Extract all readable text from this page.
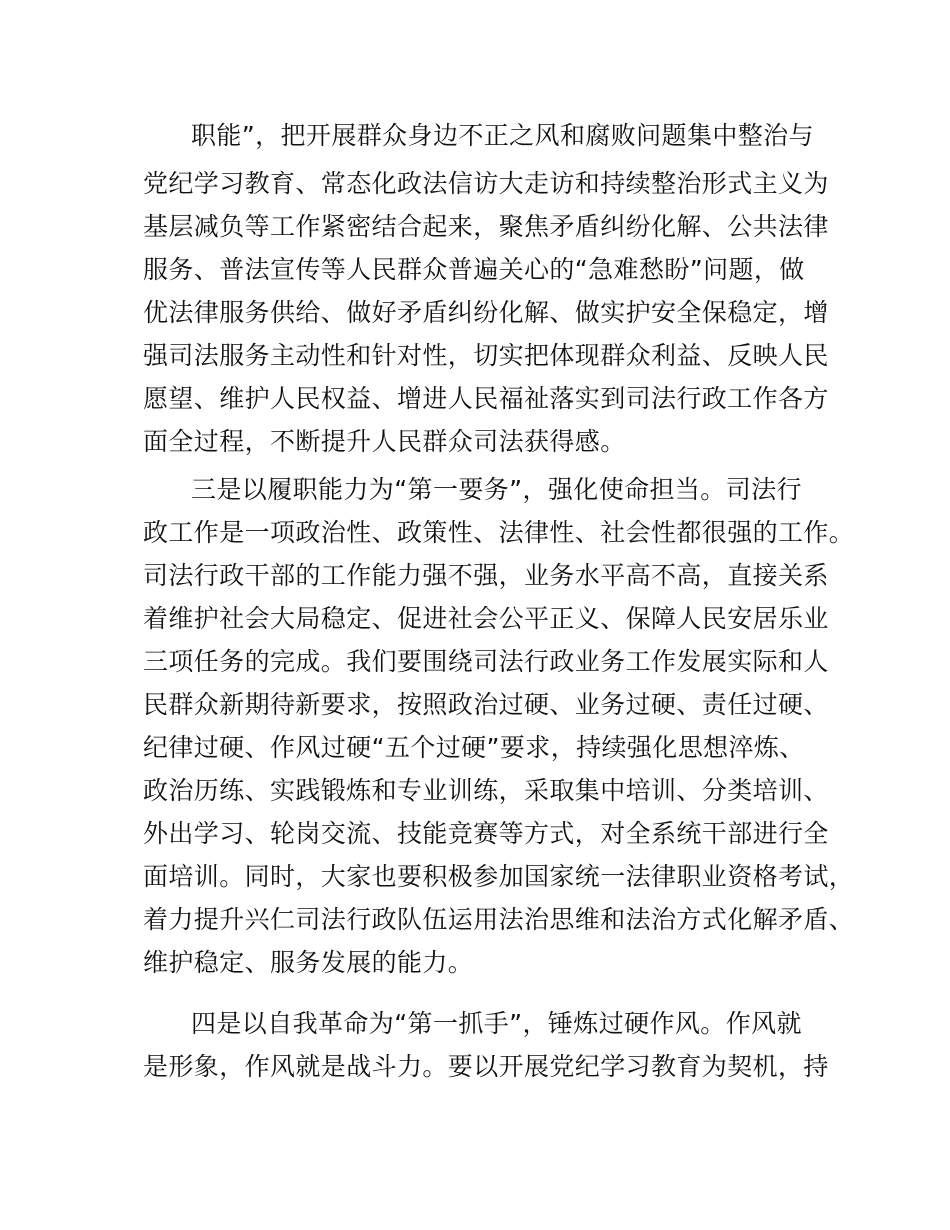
职能”，把开展群众身边不正之风和腐败问题集中整治与
党纪学习教育、常态化政法信访大走访和持续整治形式主义为
基层减负等工作紧密结合起来，聚焦矛盾纠纷化解、公共法律
服务、普法宣传等人民群众普遍关心的“急难愁盼”问题，做
优法律服务供给、做好矛盾纠纷化解、做实护安全保稳定，增
强司法服务主动性和针对性，切实把体现群众利益、反映人民
愿望、维护人民权益、增进人民福祉落实到司法行政工作各方
面全过程，不断提升人民群众司法获得感。
三是以履职能力为“第一要务”，强化使命担当。司法行
政工作是一项政治性、政策性、法律性、社会性都很强的工作。
司法行政干部的工作能力强不强，业务水平高不高，直接关系
着维护社会大局稳定、促进社会公平正义、保障人民安居乐业
三项任务的完成。我们要围绕司法行政业务工作发展实际和人
民群众新期待新要求，按照政治过硬、业务过硬、责任过硬、
纪律过硬、作风过硬“五个过硬”要求，持续强化思想淬炼、
政治历练、实践锻炼和专业训练，采取集中培训、分类培训、
外出学习、轮岗交流、技能竞赛等方式，对全系统干部进行全
面培训。同时，大家也要积极参加国家统一法律职业资格考试，
着力提升兴仁司法行政队伍运用法治思维和法治方式化解矛盾、
维护稳定、服务发展的能力。
四是以自我革命为“第一抓手”，锤炼过硬作风。作风就
是形象，作风就是战斗力。要以开展党纪学习教育为契机，持
